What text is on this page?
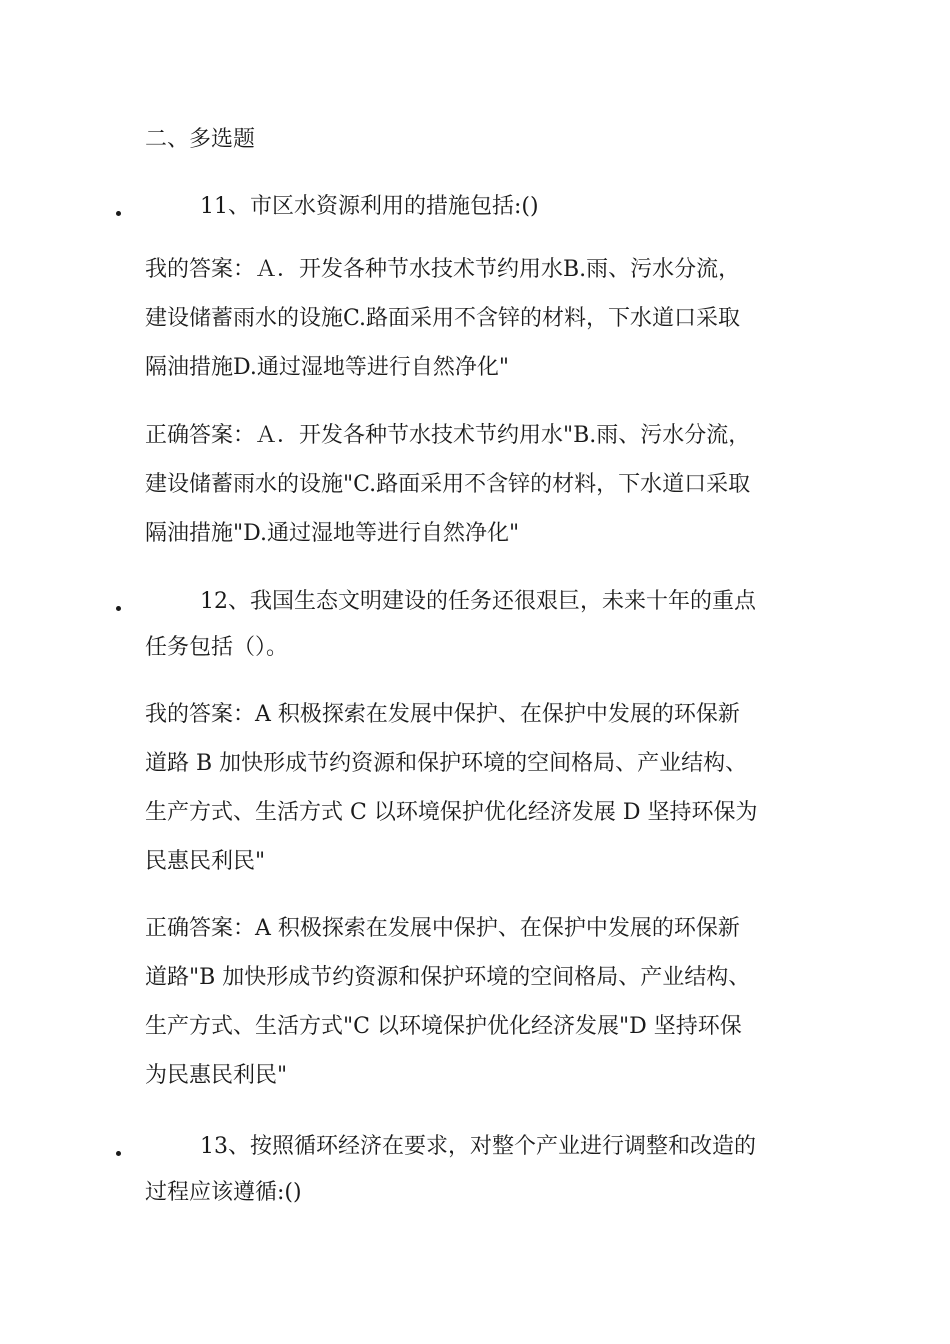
二、多选题
11、市区水资源利用的措施包括:()
我的答案：Ａ．开发各种节水技术节约用水B.雨、污水分流，
建设储蓄雨水的设施C.路面采用不含锌的材料，下水道口采取
隔油措施D.通过湿地等进行自然净化"
正确答案：Ａ．开发各种节水技术节约用水"B.雨、污水分流，
建设储蓄雨水的设施"C.路面采用不含锌的材料，下水道口采取
隔油措施"D.通过湿地等进行自然净化"
12、我国生态文明建设的任务还很艰巨，未来十年的重点
任务包括（）。
我的答案：A 积极探索在发展中保护、在保护中发展的环保新
道路 B 加快形成节约资源和保护环境的空间格局、产业结构、
生产方式、生活方式 C 以环境保护优化经济发展 D 坚持环保为
民惠民利民"
正确答案：A 积极探索在发展中保护、在保护中发展的环保新
道路"B 加快形成节约资源和保护环境的空间格局、产业结构、
生产方式、生活方式"C 以环境保护优化经济发展"D 坚持环保
为民惠民利民"
13、按照循环经济在要求，对整个产业进行调整和改造的
过程应该遵循:()
